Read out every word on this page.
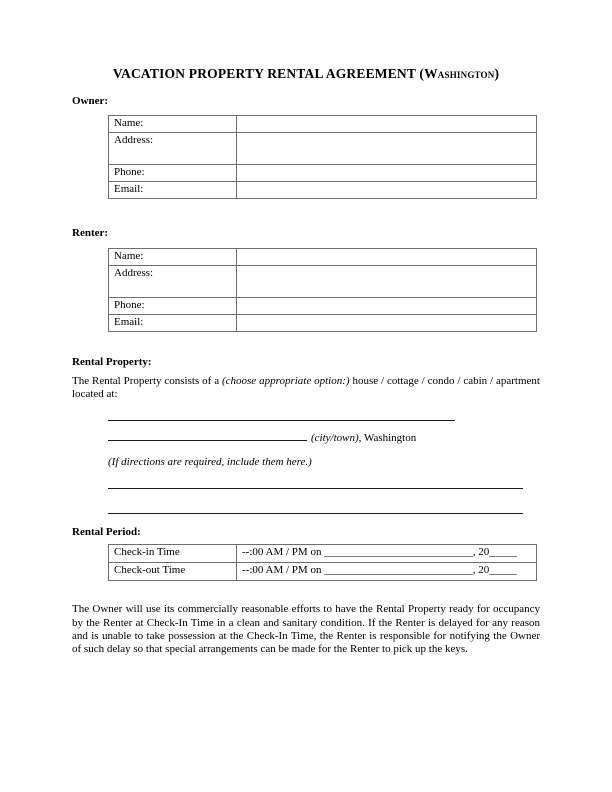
VACATION PROPERTY RENTAL AGREEMENT (Washington)
Owner:
Name:	
Address:	
Phone:	
Email:	
Renter:
Name:	
Address:	
Phone:	
Email:	
Rental Property:

The Rental Property consists of a (choose appropriate option:) house / cottage / condo / cabin / apartment located at:

(city/town), Washington
(If directions are required, include them here.)
Rental Period:
Check-in Time	--:00 AM / PM on ___________________________, 20_____
Check-out Time	--:00 AM / PM on ___________________________, 20_____

The Owner will use its commercially reasonable efforts to have the Rental Property ready for occupancy by the Renter at Check-In Time in a clean and sanitary condition. If the Renter is delayed for any reason and is unable to take possession at the Check-In Time, the Renter is responsible for notifying the Owner of such delay so that special arrangements can be made for the Renter to pick up the keys.
